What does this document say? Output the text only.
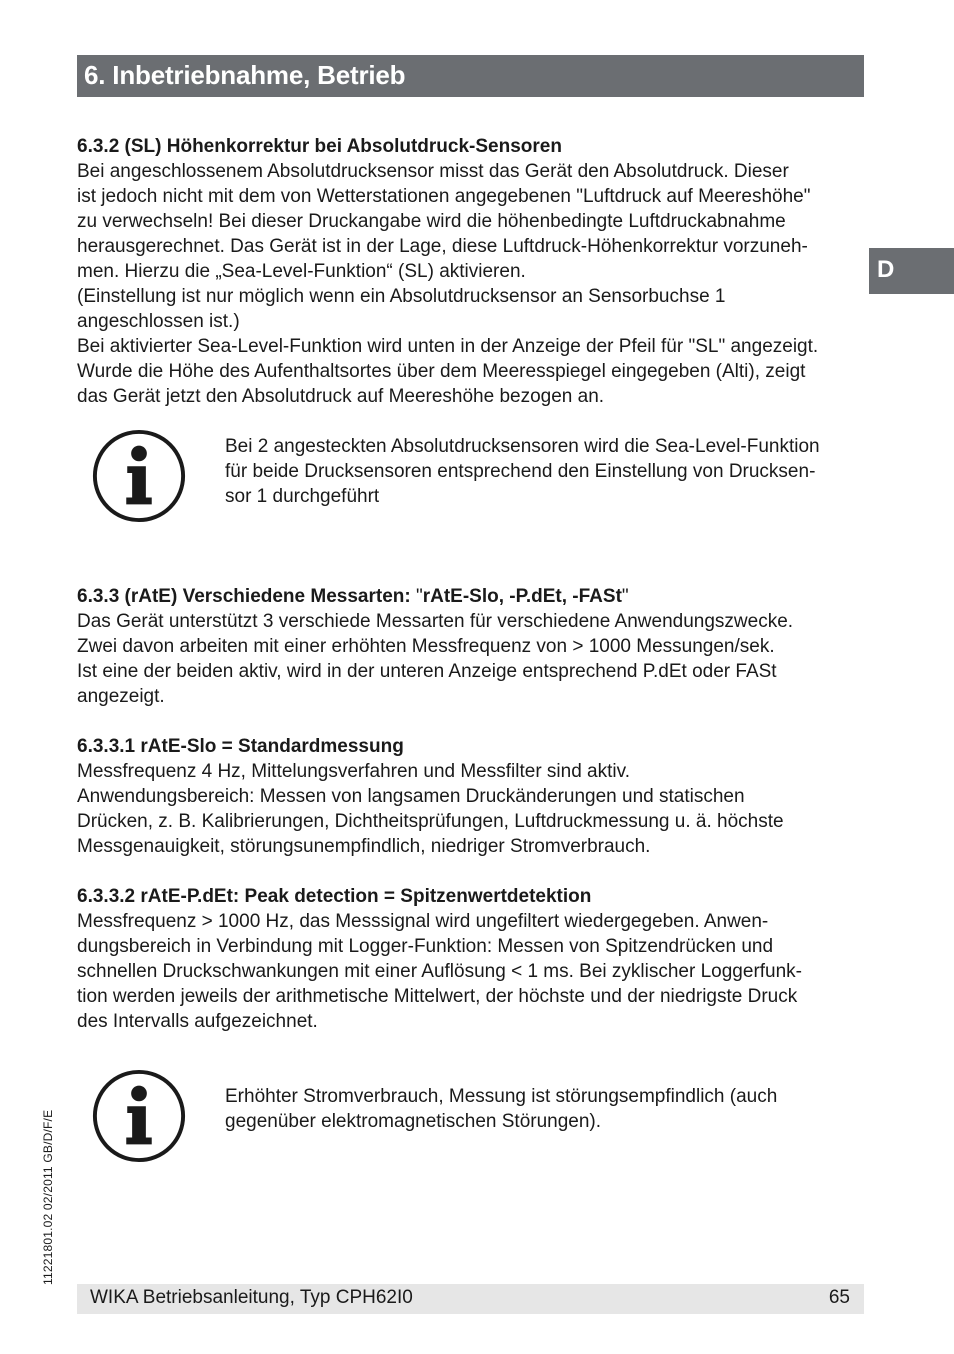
6. Inbetriebnahme, Betrieb
D
6.3.2 (SL) Höhenkorrektur bei Absolutdruck-Sensoren
Bei angeschlossenem Absolutdrucksensor misst das Gerät den Absolutdruck. Dieser
ist jedoch nicht mit dem von Wetterstationen angegebenen "Luftdruck auf Meereshöhe"
zu verwechseln! Bei dieser Druckangabe wird die höhenbedingte Luftdruckabnahme
herausgerechnet. Das Gerät ist in der Lage, diese Luftdruck-Höhenkorrektur vorzuneh-
men. Hierzu die „Sea-Level-Funktion“ (SL) aktivieren.
(Einstellung ist nur möglich wenn ein Absolutdrucksensor an Sensorbuchse 1
angeschlossen ist.)
Bei aktivierter Sea-Level-Funktion wird unten in der Anzeige der Pfeil für "SL" angezeigt.
Wurde die Höhe des Aufenthaltsortes über dem Meeresspiegel eingegeben (Alti), zeigt
das Gerät jetzt den Absolutdruck auf Meereshöhe bezogen an.
Bei 2 angesteckten Absolutdrucksensoren wird die Sea-Level-Funktion
für beide Drucksensoren entsprechend den Einstellung von Drucksen-
sor 1 durchgeführt
6.3.3 (rAtE) Verschiedene Messarten: "rAtE-Slo, -P.dEt, -FASt"
Das Gerät unterstützt 3 verschiede Messarten für verschiedene Anwendungszwecke.
Zwei davon arbeiten mit einer erhöhten Messfrequenz von > 1000 Messungen/sek.
Ist eine der beiden aktiv, wird in der unteren Anzeige entsprechend P.dEt oder FASt
angezeigt.
6.3.3.1 rAtE-Slo = Standardmessung
Messfrequenz 4 Hz, Mittelungsverfahren und Messfilter sind aktiv.
Anwendungsbereich: Messen von langsamen Druckänderungen und statischen
Drücken, z. B. Kalibrierungen, Dichtheitsprüfungen, Luftdruckmessung u. ä. höchste
Messgenauigkeit, störungsunempfindlich, niedriger Stromverbrauch.
6.3.3.2 rAtE-P.dEt: Peak detection = Spitzenwertdetektion
Messfrequenz > 1000 Hz, das Messsignal wird ungefiltert wiedergegeben. Anwen-
dungsbereich in Verbindung mit Logger-Funktion: Messen von Spitzendrücken und
schnellen Druckschwankungen mit einer Auflösung < 1 ms. Bei zyklischer Loggerfunk-
tion werden jeweils der arithmetische Mittelwert, der höchste und der niedrigste Druck
des Intervalls aufgezeichnet.
Erhöhter Stromverbrauch, Messung ist störungsempfindlich (auch
gegenüber elektromagnetischen Störungen).
11221801.02 02/2011 GB/D/F/E
WIKA Betriebsanleitung, Typ CPH62I0	65
